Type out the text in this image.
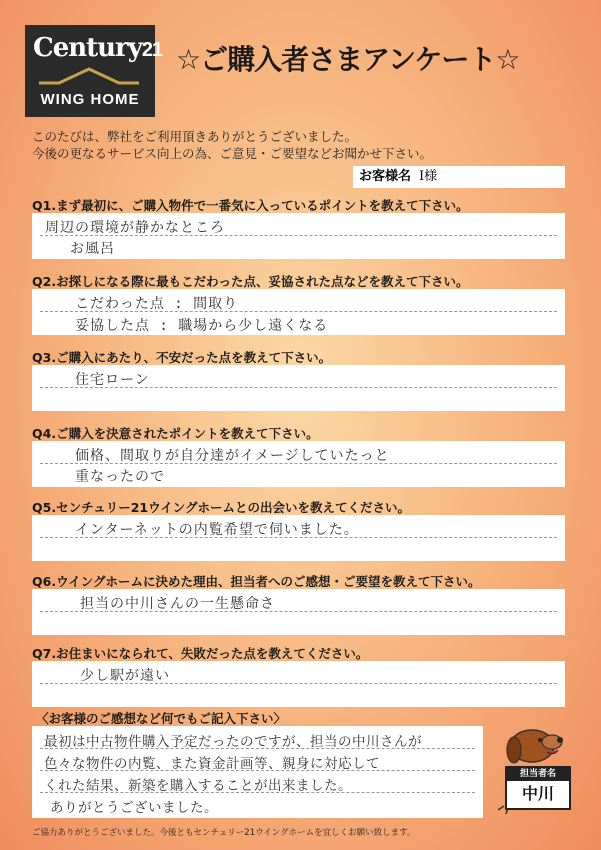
Century21
WING HOME
☆ご購入者さまアンケート☆
このたびは、弊社をご利用頂きありがとうございました。
今後の更なるサービス向上の為、ご意見・ご要望などお聞かせ下さい。
お客様名 I様
Q1.まず最初に、ご購入物件で一番気に入っているポイントを教えて下さい。
周辺の環境が静かなところ
お風呂
Q2.お探しになる際に最もこだわった点、妥協された点などを教えて下さい。
こだわった点 : 間取り
妥協した点 : 職場から少し遠くなる
Q3.ご購入にあたり、不安だった点を教えて下さい。
住宅ローン
Q4.ご購入を決意されたポイントを教えて下さい。
価格、間取りが自分達がイメージしていたっと
重なったので
Q5.センチュリー21ウイングホームとの出会いを教えてください。
インターネットの内覧希望で伺いました。
Q6.ウイングホームに決めた理由、担当者へのご感想・ご要望を教えて下さい。
担当の中川さんの一生懸命さ
Q7.お住まいになられて、失敗だった点を教えてください。
少し駅が遠い
〈お客様のご感想など何でもご記入下さい〉
最初は中古物件購入予定だったのですが、担当の中川さんが
色々な物件の内覧、また資金計画等、親身に対応して
くれた結果、新築を購入することが出来ました。
ありがとうございました。
担当者名
中川
ご協力ありがとうございました。今後ともセンチュリー21ウイングホームを宜しくお願い致します。
